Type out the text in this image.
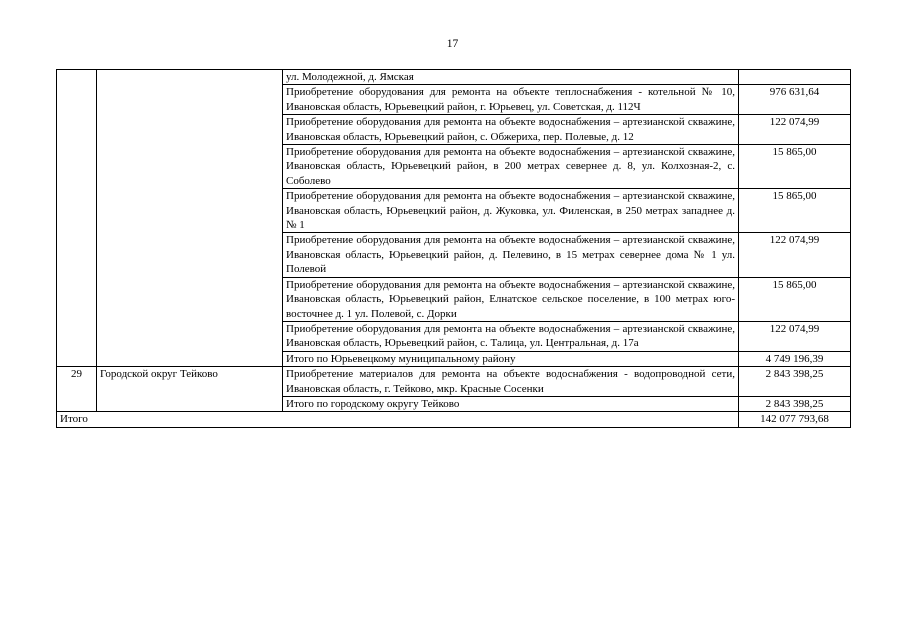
17
		ул. Молодежной, д. Ямская	
		Приобретение оборудования для ремонта на объекте теплоснабжения - котельной № 10, Ивановская область, Юрьевецкий район, г. Юрьевец, ул. Советская, д. 112Ч	976 631,64
		Приобретение оборудования для ремонта на объекте водоснабжения – артезианской скважине, Ивановская область, Юрьевецкий район, с. Обжериха, пер. Полевые, д. 12	122 074,99
		Приобретение оборудования для ремонта на объекте водоснабжения – артезианской скважине, Ивановская область, Юрьевецкий район, в 200 метрах севернее д. 8, ул. Колхозная-2, с. Соболево	15 865,00
		Приобретение оборудования для ремонта на объекте водоснабжения – артезианской скважине, Ивановская область, Юрьевецкий район, д. Жуковка, ул. Филенская, в 250 метрах западнее д. № 1	15 865,00
		Приобретение оборудования для ремонта на объекте водоснабжения – артезианской скважине, Ивановская область, Юрьевецкий район, д. Пелевино, в 15 метрах севернее дома № 1 ул. Полевой	122 074,99
		Приобретение оборудования для ремонта на объекте водоснабжения – артезианской скважине, Ивановская область, Юрьевецкий район, Елнатское сельское поселение, в 100 метрах юго-восточнее д. 1 ул. Полевой, с. Дорки	15 865,00
		Приобретение оборудования для ремонта на объекте водоснабжения – артезианской скважине, Ивановская область, Юрьевецкий район, с. Талица, ул. Центральная, д. 17а	122 074,99
		Итого по Юрьевецкому муниципальному району	4 749 196,39
29	Городской округ Тейково	Приобретение материалов для ремонта на объекте водоснабжения - водопроводной сети, Ивановская область, г. Тейково, мкр. Красные Сосенки	2 843 398,25
		Итого по городскому округу Тейково	2 843 398,25
Итого			142 077 793,68
